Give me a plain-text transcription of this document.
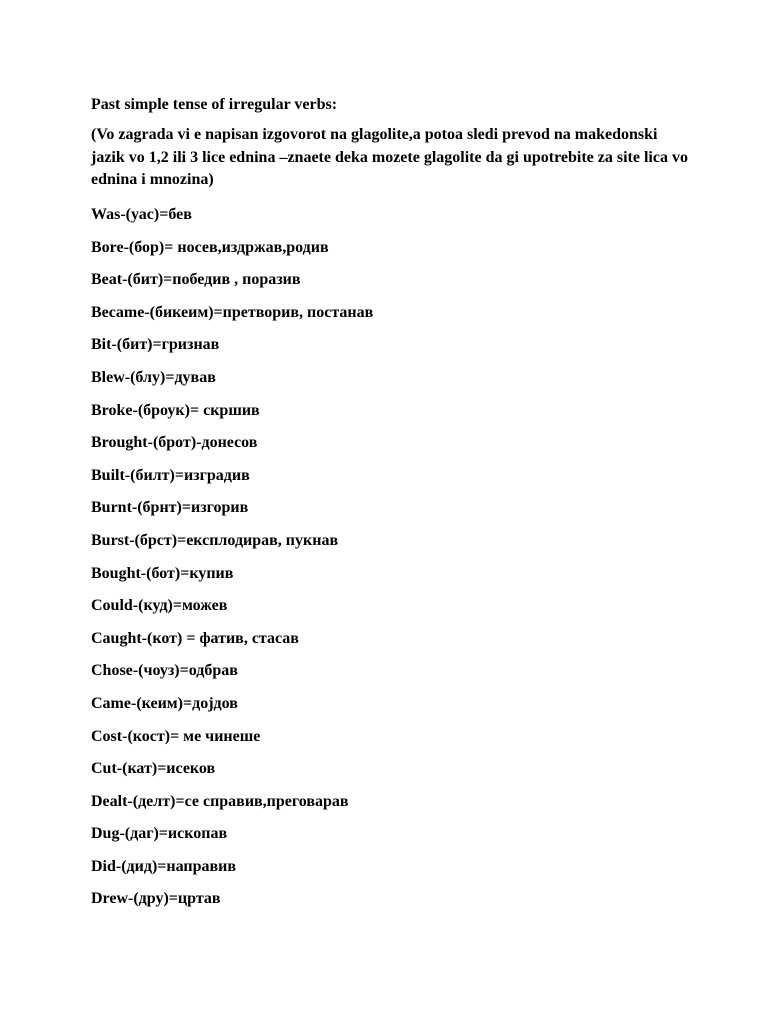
Past simple tense of irregular verbs:

(Vo zagrada vi e napisan izgovorot na glagolite,a potoa sledi prevod na makedonski jazik vo 1,2 ili 3 lice ednina –znaete deka mozete glagolite da gi upotrebite za site lica vo ednina i mnozina)

Was-(уас)=бев
Bore-(бор)= носев,издржав,родив
Beat-(бит)=победив , поразив
Became-(бикеим)=претворив, постанав
Bit-(бит)=гризнав
Blew-(блу)=дував
Broke-(броук)= скршив
Brought-(брот)-донесов
Built-(билт)=изградив
Burnt-(брнт)=изгорив
Burst-(брст)=експлодирав, пукнав
Bought-(бот)=купив
Could-(куд)=можев
Caught-(кот) = фатив, стасав
Chose-(чоуз)=одбрав
Came-(кеим)=дојдов
Cost-(кост)= ме чинеше
Cut-(кат)=исеков
Dealt-(делт)=се справив,преговарав
Dug-(даг)=ископав
Did-(дид)=направив
Drew-(дру)=цртав
